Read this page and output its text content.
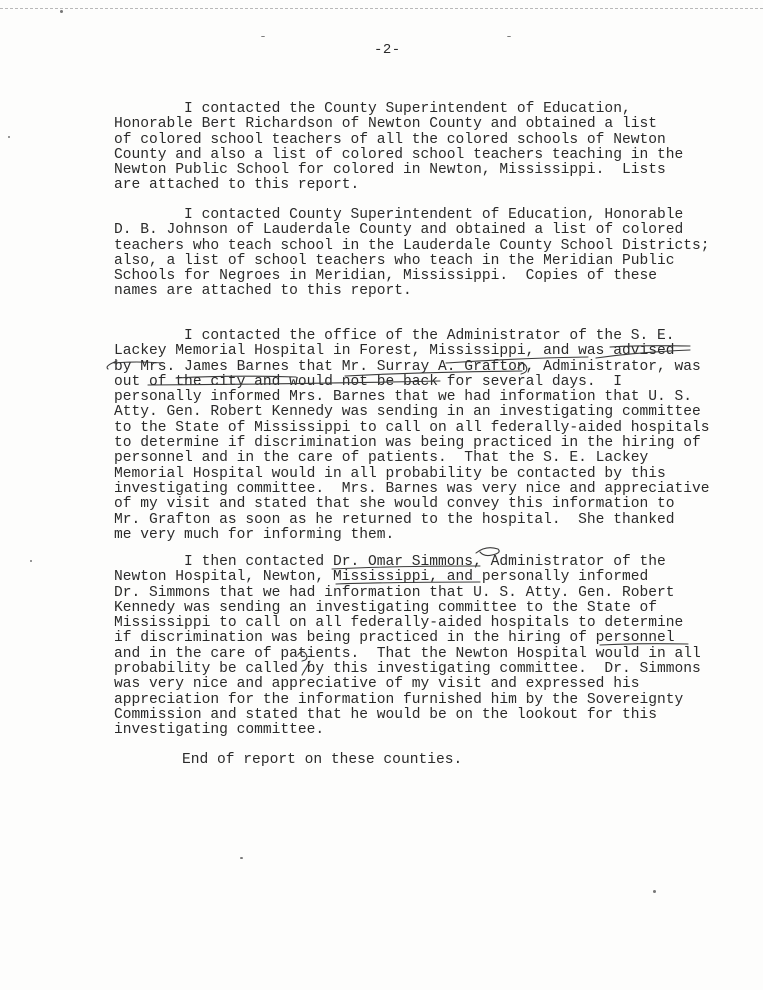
-2-

I contacted the County Superintendent of Education,
Honorable Bert Richardson of Newton County and obtained a list
of colored school teachers of all the colored schools of Newton
County and also a list of colored school teachers teaching in the
Newton Public School for colored in Newton, Mississippi.  Lists
are attached to this report.

I contacted County Superintendent of Education, Honorable
D. B. Johnson of Lauderdale County and obtained a list of colored
teachers who teach school in the Lauderdale County School Districts;
also, a list of school teachers who teach in the Meridian Public
Schools for Negroes in Meridian, Mississippi.  Copies of these
names are attached to this report.

I contacted the office of the Administrator of the S. E.
Lackey Memorial Hospital in Forest, Mississippi, and was advised
by Mrs. James Barnes that Mr. Surray A. Grafton, Administrator, was
out of the city and would not be back for several days.  I
personally informed Mrs. Barnes that we had information that U. S.
Atty. Gen. Robert Kennedy was sending in an investigating committee
to the State of Mississippi to call on all federally-aided hospitals
to determine if discrimination was being practiced in the hiring of
personnel and in the care of patients.  That the S. E. Lackey
Memorial Hospital would in all probability be contacted by this
investigating committee.  Mrs. Barnes was very nice and appreciative
of my visit and stated that she would convey this information to
Mr. Grafton as soon as he returned to the hospital.  She thanked
me very much for informing them.

I then contacted Dr. Omar Simmons, Administrator of the
Newton Hospital, Newton, Mississippi, and personally informed
Dr. Simmons that we had information that U. S. Atty. Gen. Robert
Kennedy was sending an investigating committee to the State of
Mississippi to call on all federally-aided hospitals to determine
if discrimination was being practiced in the hiring of personnel
and in the care of patients.  That the Newton Hospital would in all
probability be called by this investigating committee.  Dr. Simmons
was very nice and appreciative of my visit and expressed his
appreciation for the information furnished him by the Sovereignty
Commission and stated that he would be on the lookout for this
investigating committee.

End of report on these counties.
